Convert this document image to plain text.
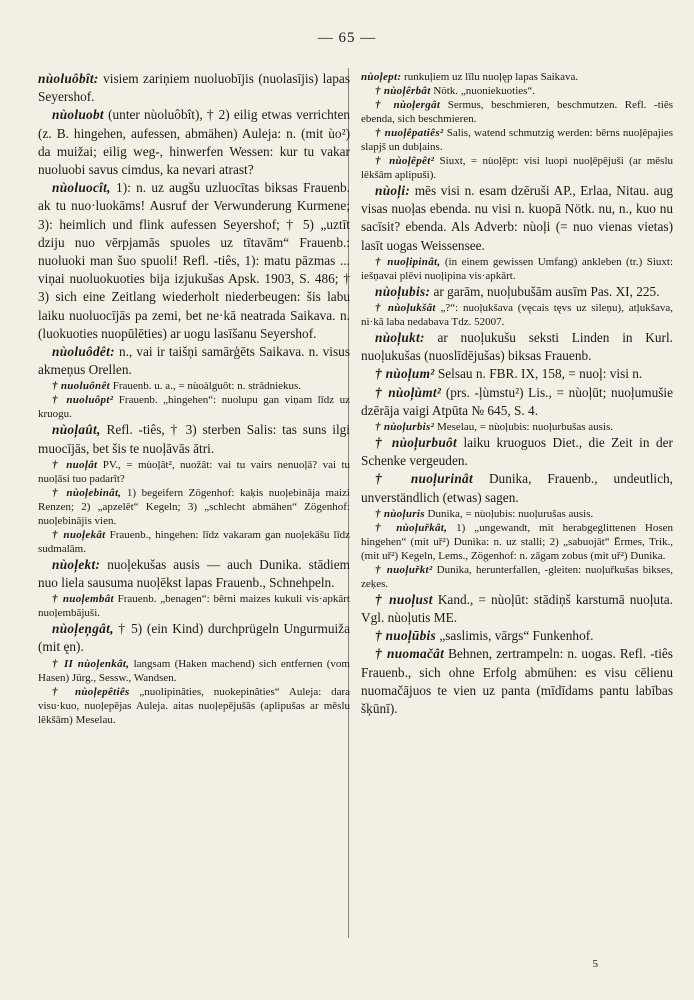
— 65 —

nùoluôbît: visiem zariņiem nuoluobījis (nuolasījis) lapas Seyershof.

nùoluobt (unter nùoluôbît), † 2) eilig etwas verrichten (z. B. hingehen, aufessen, abmähen) Auleja: n. (mit ùo²) da muižai; eilig weg-, hinwerfen Wessen: kur tu vakar nuoluobi savus cimdus, ka nevari atrast?

nùoluocît, 1): n. uz augšu uzluocītas biksas Frauenb. ak tu nuo·luokāms! Ausruf der Verwunderung Kurmene; 3): heimlich und flink aufessen Seyershof; † 5) „uztīt dziju nuo vērpjamās spuoles uz tītavām“ Frauenb.: nuoluoki man šuo spuoli! Refl. -tiês, 1): matu pāzmas ... viņai nuoluokuoties bija izjukušas Apsk. 1903, S. 486; † 3) sich eine Zeitlang wiederholt niederbeugen: šis labu laiku nuoluocījās pa zemi, bet ne·kā neatrada Saikava. n. (luokuoties nuopūlēties) ar uogu lasīšanu Seyershof.

nùoluôdêt: n., vai ir taišņi samārģēts Saikava. n. visus akmeņus Orellen.

† nuoluônêt Frauenb. u. a., = nùoàlguôt: n. strādniekus.

† nuoluôpt² Frauenb. „hingehen“: nuolupu gan viņam līdz uz kruogu.

nùoļaût, Refl. -tiês, † 3) sterben Salis: tas suns ilgi muocījās, bet šis te nuoļāvās ātri.

† nuoļât PV., = mùoļât², nuožât: vai tu vairs nenuoļā? vai tu nuoļāsi tuo padarīt?

† nùoļebinât, 1) begeifern Zögenhof: kaķis nuoļebināja maizi Renzen; 2) „apzelēt“ Kegeln; 3) „schlecht abmähen“ Zögenhof: nuoļebinājis vien.

† nuoļekât Frauenb., hingehen: līdz vakaram gan nuoļekāšu līdz sudmalām.

nùoļekt: nuoļekušas ausis — auch Dunika. stādiem nuo liela sausuma nuoļēkst lapas Frauenb., Schnehpeln.

† nuoļembât Frauenb. „benagen“: bērni maizes kukuli vis·apkārt nuoļembājuši.

nùoļeņgât, † 5) (ein Kind) durchprügeln Ungurmuiža (mit ęn).

† II nùoļenkât, langsam (Haken machend) sich entfernen (vom Hasen) Jürg., Sessw., Wandsen.

† nùoļepêtiês „nuolipinâties, nuokepinâties“ Auleja: dara visu·kuo, nuoļepējas Auleja. aitas nuoļepējušās (aplipušas ar mēslu lēkšām) Meselau.

nùoļept: runkuļiem uz līlu nuoļęp lapas Saikava.

† nùoļêrbât Nötk. „nuoniekuoties“.

† nùoļergât Sermus, beschmieren, beschmutzen. Refl. -tiês ebenda, sich beschmieren.

† nuoļêpatiês² Salis, watend schmutzig werden: bērns nuoļēpajies slapjš un dubļains.

† nùoļêpêt² Siuxt, = nùoļēpt: visi luopi nuoļēpējuši (ar mēslu lēkšām aplipuši).

nùoļi: mēs visi n. esam dzēruši AP., Erlaa, Nitau. aug visas nuoļas ebenda. nu visi n. kuopā Nötk. nu, n., kuo nu sacīsit? ebenda. Als Adverb: nùoļi (= nuo vienas vietas) lasīt uogas Weissensee.

† nuoļipinât, (in einem gewissen Umfang) ankleben (tr.) Siuxt: iešņavai plēvi nuoļipina vis·apkārt.

nùoļubis: ar garām, nuoļubušām ausīm Pas. XI, 225.

† nùoļukšât „?“: nuoļukšava (vęcais tęvs uz sileņu), atļukšava, ni·kā laba nedabava Tdz. 52007.

nùoļukt: ar nuoļukušu seksti Linden in Kurl. nuoļukušas (nuoslīdējušas) biksas Frauenb.

† nùoļum² Selsau n. FBR. IX, 158, = nuoļ: visi n.

† nùoļùmt² (prs. -ļùmstu²) Lis., = nùoļūt; nuoļumušie dzērāja vaigi Atpūta № 645, S. 4.

† nùoļurbis² Meselau, = nùoļubis: nuoļurbušas ausis.

† nùoļurbuôt laiku kruoguos Diet., die Zeit in der Schenke vergeuden.

† nuoļurinât Dunika, Frauenb., undeutlich, unverständlich (etwas) sagen.

† nùoļuris Dunika, = nùoļubis: nuoļurušas ausis.

† nùoļuřkât, 1) „ungewandt, mit herabgeglittenen Hosen hingehen“ (mit uř²) Dunika: n. uz stalli; 2) „sabuojāt“ Ērmes, Trik., (mit uř²) Kegeln, Lems., Zögenhof: n. zāgam zobus (mit uř²) Dunika.

† nuoļuřkt² Dunika, herunterfallen, -gleiten: nuoļuřkušas bikses, zeķes.

† nuoļust Kand., = nùoļūt: stādiņš karstumā nuoļuta. Vgl. nùoļutis ME.

† nuoļūbis „saslimis, vārgs“ Funkenhof.

† nuomačât Behnen, zertrampeln: n. uogas. Refl. -tiês Frauenb., sich ohne Erfolg abmühen: es visu cēlienu nuomačājuos te vien uz panta (mīdīdams pantu labības šķūnī).

5
